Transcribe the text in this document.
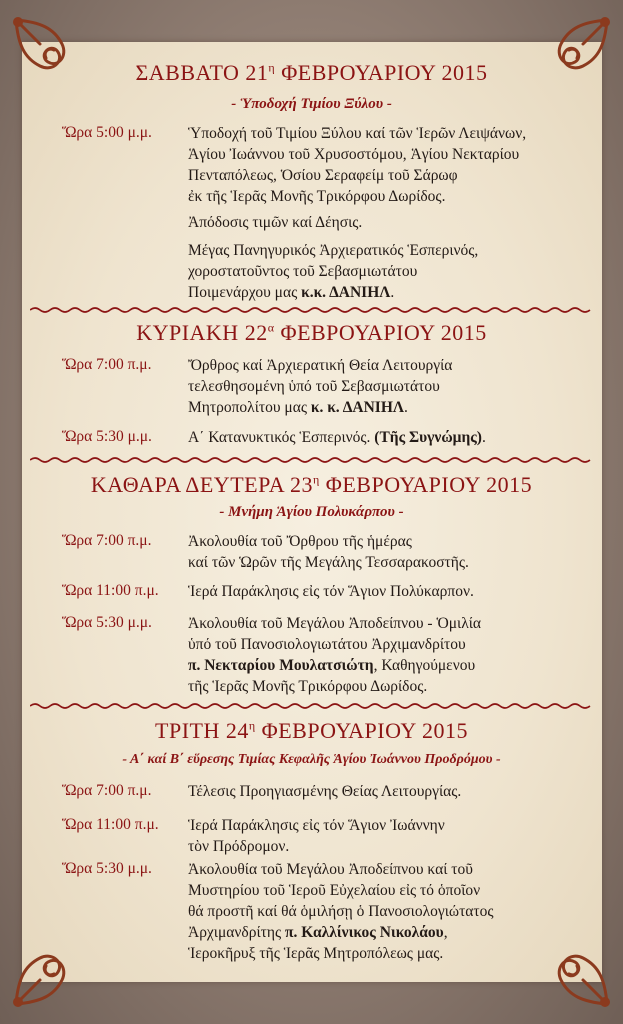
ΣΑΒΒΑΤΟ $21^\eta$ ΦΕΒΡΟΥΑΡΙΟΥ 2015
- Ὑποδοχή Τιμίου Ξύλου -
Ὥρα 5:00 μ.μ. Ὑποδοχή τοῦ Τιμίου Ξύλου καί τῶν Ἱερῶν Λειψάνων,
Ἁγίου Ἰωάννου τοῦ Χρυσοστόμου, Ἁγίου Νεκταρίου
Πενταπόλεως, Ὁσίου Σεραφείμ τοῦ Σάρωφ
ἐκ τῆς Ἱερᾶς Μονῆς Τρικόρφου Δωρίδος.
Ἀπόδοσις τιμῶν καί Δέησις.
Μέγας Πανηγυρικός Ἀρχιερατικός Ἑσπερινός,
χοροστατοῦντος τοῦ Σεβασμιωτάτου
Ποιμενάρχου μας κ.κ. ΔΑΝΙΗΛ.
ΚΥΡΙΑΚΗ $22^\alpha$ ΦΕΒΡΟΥΑΡΙΟΥ 2015
Ὥρα 7:00 π.μ. Ὄρθρος καί Ἀρχιερατική Θεία Λειτουργία
τελεσθησομένη ὑπό τοῦ Σεβασμιωτάτου
Μητροπολίτου μας κ. κ. ΔΑΝΙΗΛ.
Ὥρα 5:30 μ.μ. Α΄ Κατανυκτικός Ἑσπερινός. (Τῆς Συγνώμης).
ΚΑΘΑΡΑ ΔΕΥΤΕΡΑ $23^\eta$ ΦΕΒΡΟΥΑΡΙΟΥ 2015
- Μνήμη Ἁγίου Πολυκάρπου -
Ὥρα 7:00 π.μ. Ἀκολουθία τοῦ Ὄρθρου τῆς ἡμέρας
καί τῶν Ὡρῶν τῆς Μεγάλης Τεσσαρακοστῆς.
Ὥρα 11:00 π.μ. Ἱερά Παράκλησις εἰς τόν Ἅγιον Πολύκαρπον.
Ὥρα 5:30 μ.μ. Ἀκολουθία τοῦ Μεγάλου Ἀποδείπνου - Ὁμιλία
ὑπό τοῦ Πανοσιολογιωτάτου Ἀρχιμανδρίτου
π. Νεκταρίου Μουλατσιώτη, Καθηγούμενου
τῆς Ἱερᾶς Μονῆς Τρικόρφου Δωρίδος.
ΤΡΙΤΗ $24^\eta$ ΦΕΒΡΟΥΑΡΙΟΥ 2015
- Α΄ καί Β΄ εὕρεσης Τιμίας Κεφαλῆς Ἁγίου Ἰωάννου Προδρόμου -
Ὥρα 7:00 π.μ. Τέλεσις Προηγιασμένης Θείας Λειτουργίας.
Ὥρα 11:00 π.μ. Ἱερά Παράκλησις εἰς τόν Ἅγιον Ἰωάννην
τὸν Πρόδρομον.
Ὥρα 5:30 μ.μ. Ἀκολουθία τοῦ Μεγάλου Ἀποδείπνου καί τοῦ
Μυστηρίου τοῦ Ἱεροῦ Εὐχελαίου εἰς τό ὁποῖον
θά προστῆ καί θά ὁμιλήσῃ ὁ Πανοσιολογιώτατος
Ἀρχιμανδρίτης π. Καλλίνικος Νικολάου,
Ἱεροκῆρυξ τῆς Ἱερᾶς Μητροπόλεως μας.
